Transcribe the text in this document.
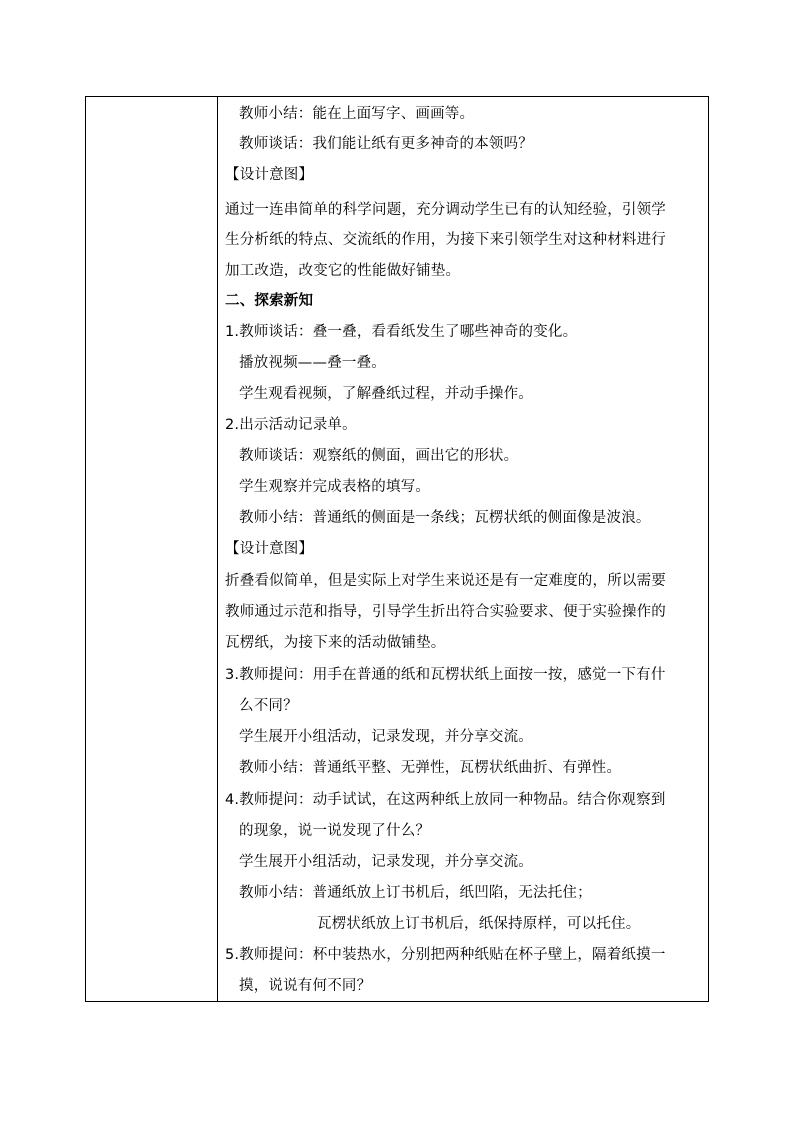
教师小结：能在上面写字、画画等。
教师谈话：我们能让纸有更多神奇的本领吗？
【设计意图】
通过一连串简单的科学问题，充分调动学生已有的认知经验，引领学
生分析纸的特点、交流纸的作用，为接下来引领学生对这种材料进行
加工改造，改变它的性能做好铺垫。
二、探索新知
1.教师谈话：叠一叠，看看纸发生了哪些神奇的变化。
播放视频——叠一叠。
学生观看视频，了解叠纸过程，并动手操作。
2.出示活动记录单。
教师谈话：观察纸的侧面，画出它的形状。
学生观察并完成表格的填写。
教师小结：普通纸的侧面是一条线；瓦楞状纸的侧面像是波浪。
【设计意图】
折叠看似简单，但是实际上对学生来说还是有一定难度的，所以需要
教师通过示范和指导，引导学生折出符合实验要求、便于实验操作的
瓦楞纸，为接下来的活动做铺垫。
3.教师提问：用手在普通的纸和瓦楞状纸上面按一按，感觉一下有什
么不同？
学生展开小组活动，记录发现，并分享交流。
教师小结：普通纸平整、无弹性，瓦楞状纸曲折、有弹性。
4.教师提问：动手试试，在这两种纸上放同一种物品。结合你观察到
的现象，说一说发现了什么？
学生展开小组活动，记录发现，并分享交流。
教师小结：普通纸放上订书机后，纸凹陷，无法托住；
瓦楞状纸放上订书机后，纸保持原样，可以托住。
5.教师提问：杯中装热水，分别把两种纸贴在杯子壁上，隔着纸摸一
摸，说说有何不同？
